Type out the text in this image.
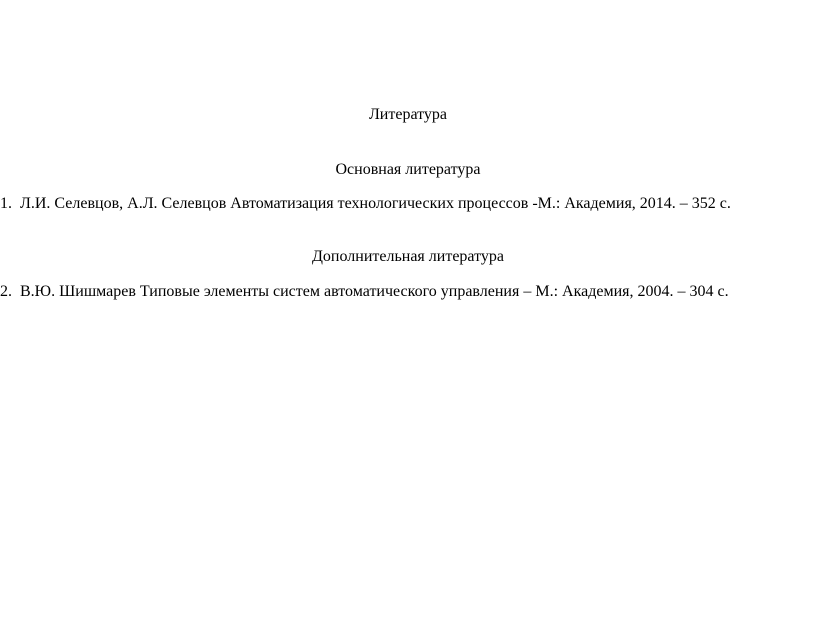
Литература
Основная литература
1. Л.И. Селевцов, А.Л. Селевцов Автоматизация технологических процессов -М.: Академия, 2014. – 352 с.
Дополнительная литература
2. В.Ю. Шишмарев Типовые элементы систем автоматического управления – М.: Академия, 2004. – 304 с.
